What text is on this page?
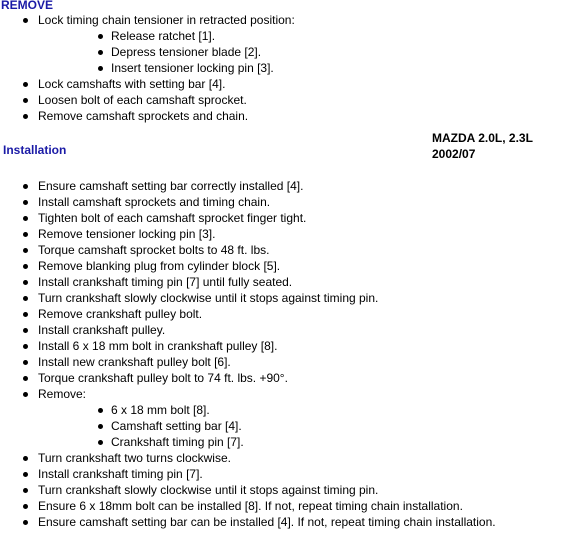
REMOVE
Lock timing chain tensioner in retracted position:
Release ratchet [1].
Depress tensioner blade [2].
Insert tensioner locking pin [3].
Lock camshafts with setting bar [4].
Loosen bolt of each camshaft sprocket.
Remove camshaft sprockets and chain.
Installation
MAZDA 2.0L, 2.3L
2002/07
Ensure camshaft setting bar correctly installed [4].
Install camshaft sprockets and timing chain.
Tighten bolt of each camshaft sprocket finger tight.
Remove tensioner locking pin [3].
Torque camshaft sprocket bolts to 48 ft. lbs.
Remove blanking plug from cylinder block [5].
Install crankshaft timing pin [7] until fully seated.
Turn crankshaft slowly clockwise until it stops against timing pin.
Remove crankshaft pulley bolt.
Install crankshaft pulley.
Install 6 x 18 mm bolt in crankshaft pulley [8].
Install new crankshaft pulley bolt [6].
Torque crankshaft pulley bolt to 74 ft. lbs. +90°.
Remove:
6 x 18 mm bolt [8].
Camshaft setting bar [4].
Crankshaft timing pin [7].
Turn crankshaft two turns clockwise.
Install crankshaft timing pin [7].
Turn crankshaft slowly clockwise until it stops against timing pin.
Ensure 6 x 18mm bolt can be installed [8]. If not, repeat timing chain installation.
Ensure camshaft setting bar can be installed [4]. If not, repeat timing chain installation.
